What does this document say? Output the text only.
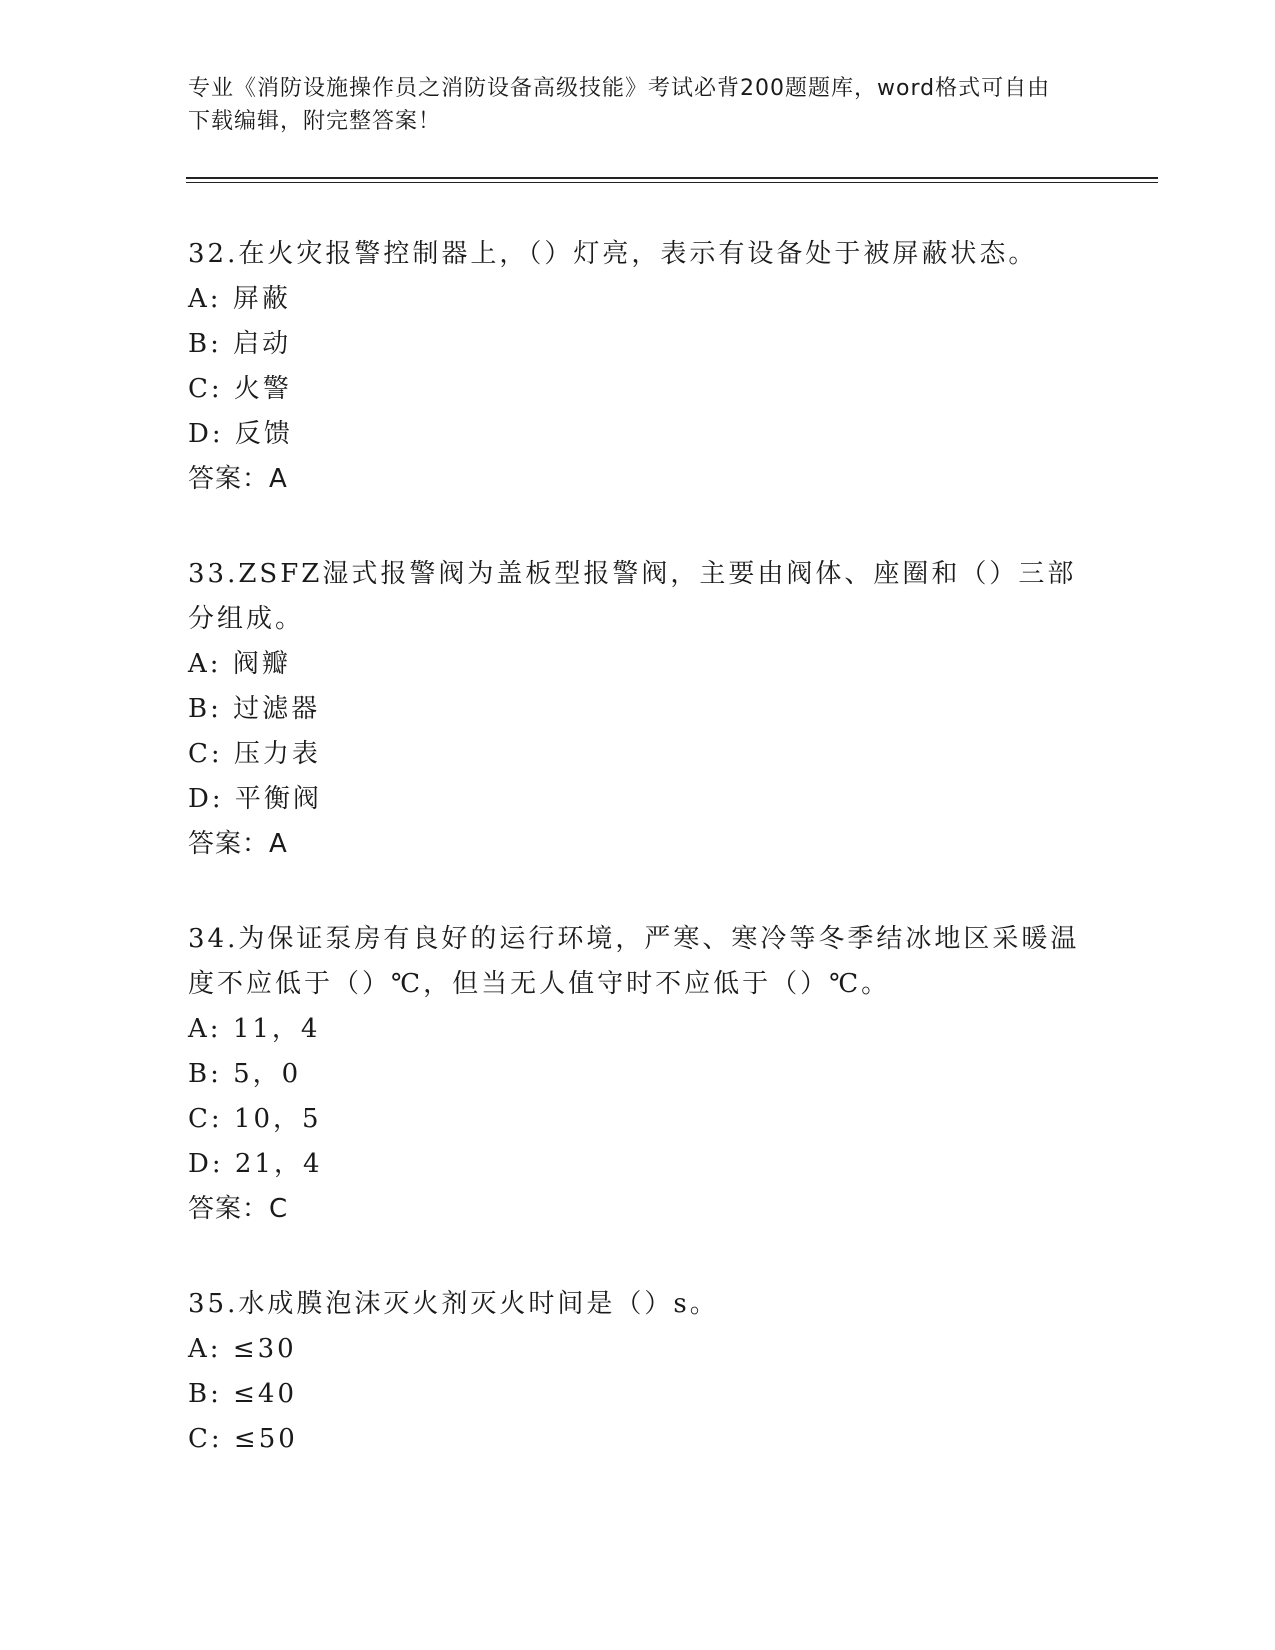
专业《消防设施操作员之消防设备高级技能》考试必背200题题库，word格式可自由下载编辑，附完整答案！

32.在火灾报警控制器上，（）灯亮，表示有设备处于被屏蔽状态。

A: 屏蔽

B: 启动

C: 火警

D: 反馈

答案：A

33.ZSFZ湿式报警阀为盖板型报警阀，主要由阀体、座圈和（）三部分组成。

A: 阀瓣

B: 过滤器

C: 压力表

D: 平衡阀

答案：A

34.为保证泵房有良好的运行环境，严寒、寒冷等冬季结冰地区采暖温度不应低于（）℃，但当无人值守时不应低于（）℃。

A: 11，4

B: 5，0

C: 10，5

D: 21，4

答案：C

35.水成膜泡沫灭火剂灭火时间是（）s。

A: ≤30

B: ≤40

C: ≤50
